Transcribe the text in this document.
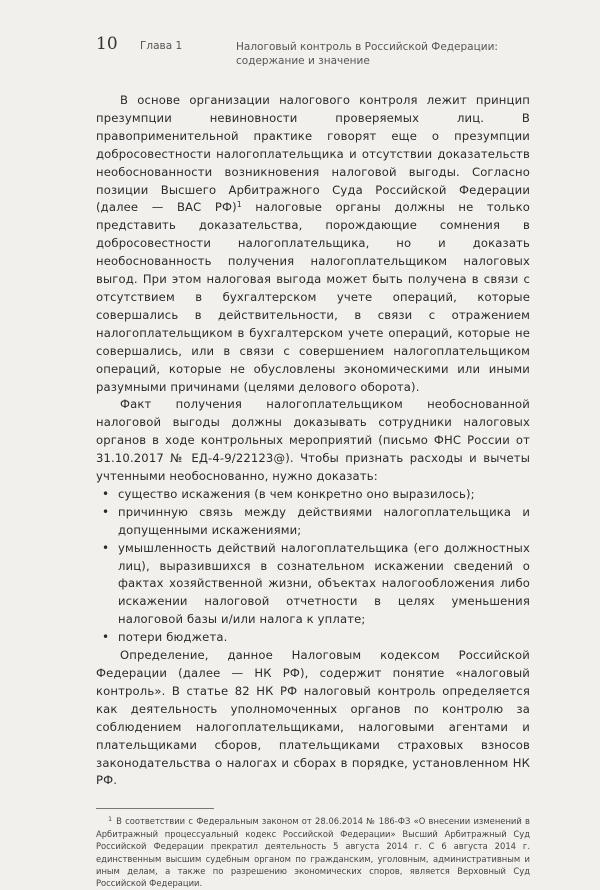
10 Глава 1	Налоговый контроль в Российской Федерации: содержание и значение

В основе организации налогового контроля лежит принцип презумпции невиновности проверяемых лиц. В правоприменительной практике говорят еще о презумпции добросовестности налогоплательщика и отсутствии доказательств необоснованности возникновения налоговой выгоды. Согласно позиции Высшего Арбитражного Суда Российской Федерации (далее — ВАС РФ)$^1$ налоговые органы должны не только представить доказательства, порождающие сомнения в добросовестности налогоплательщика, но и доказать необоснованность получения налогоплательщиком налоговых выгод. При этом налоговая выгода может быть получена в связи с отсутствием в бухгалтерском учете операций, которые совершались в действительности, в связи с отражением налогоплательщиком в бухгалтерском учете операций, которые не совершались, или в связи с совершением налогоплательщиком операций, которые не обусловлены экономическими или иными разумными причинами (целями делового оборота).

Факт получения налогоплательщиком необоснованной налоговой выгоды должны доказывать сотрудники налоговых органов в ходе контрольных мероприятий (письмо ФНС России от 31.10.2017 № ЕД-4-9/22123@). Чтобы признать расходы и вычеты учтенными необоснованно, нужно доказать:

• существо искажения (в чем конкретно оно выразилось);
• причинную связь между действиями налогоплательщика и допущенными искажениями;
• умышленность действий налогоплательщика (его должностных лиц), выразившихся в сознательном искажении сведений о фактах хозяйственной жизни, объектах налогообложения либо искажении налоговой отчетности в целях уменьшения налоговой базы и/или налога к уплате;
• потери бюджета.

Определение, данное Налоговым кодексом Российской Федерации (далее — НК РФ), содержит понятие «налоговый контроль». В статье 82 НК РФ налоговый контроль определяется как деятельность уполномоченных органов по контролю за соблюдением налогоплательщиками, налоговыми агентами и плательщиками сборов, плательщиками страховых взносов законодательства о налогах и сборах в порядке, установленном НК РФ.

$^1$ В соответствии с Федеральным законом от 28.06.2014 № 186-ФЗ «О внесении изменений в Арбитражный процессуальный кодекс Российской Федерации» Высший Арбитражный Суд Российской Федерации прекратил деятельность 5 августа 2014 г. С 6 августа 2014 г. единственным высшим судебным органом по гражданским, уголовным, административным и иным делам, а также по разрешению экономических споров, является Верховный Суд Российской Федерации.
